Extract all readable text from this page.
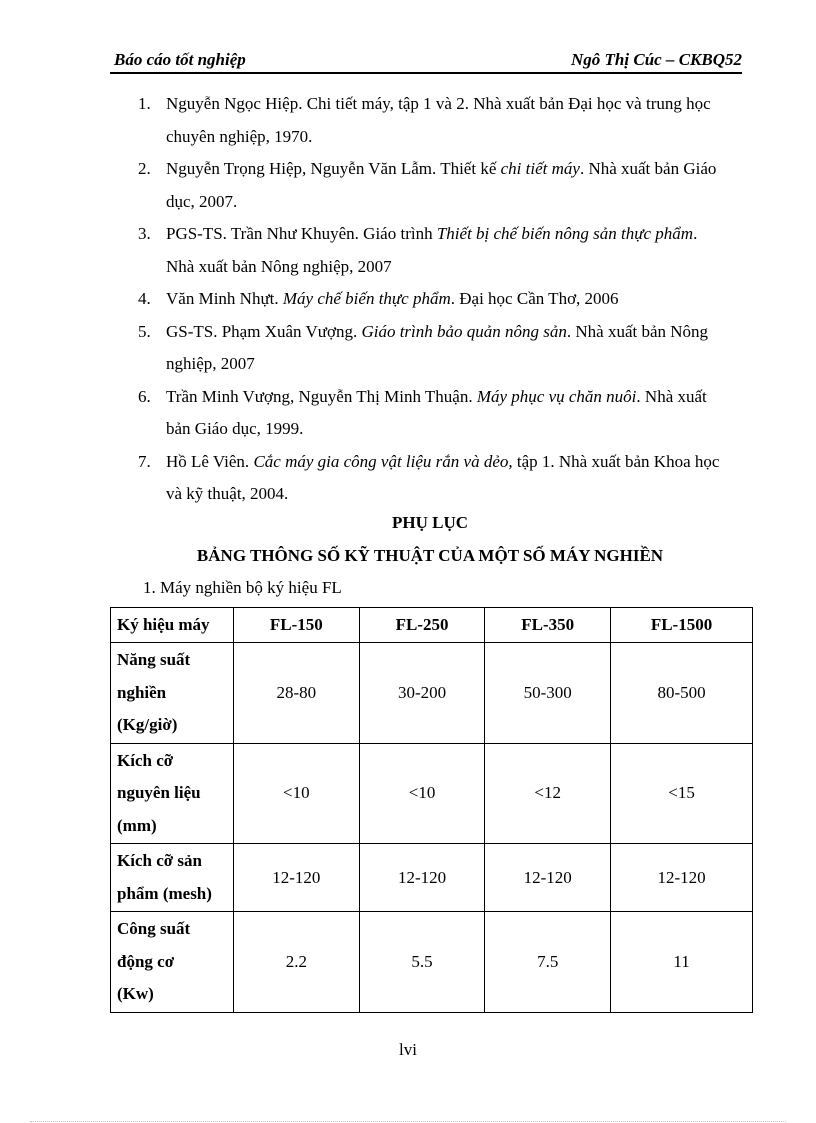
Báo cáo tốt nghiệp	Ngô Thị Cúc – CKBQ52
1. Nguyễn Ngọc Hiệp. Chi tiết máy, tập 1 và 2. Nhà xuất bản Đại học và trung học chuyên nghiệp, 1970.
2. Nguyễn Trọng Hiệp, Nguyễn Văn Lẫm. Thiết kế chi tiết máy. Nhà xuất bản Giáo dục, 2007.
3. PGS-TS. Trần Như Khuyên. Giáo trình Thiết bị chế biến nông sản thực phẩm. Nhà xuất bản Nông nghiệp, 2007
4. Văn Minh Nhựt. Máy chế biến thực phẩm. Đại học Cần Thơ, 2006
5. GS-TS. Phạm Xuân Vượng. Giáo trình bảo quản nông sản. Nhà xuất bản Nông nghiệp, 2007
6. Trần Minh Vượng, Nguyễn Thị Minh Thuận. Máy phục vụ chăn nuôi. Nhà xuất bản Giáo dục, 1999.
7. Hồ Lê Viên. Cắc máy gia công vật liệu rắn và dẻo, tập 1. Nhà xuất bản Khoa học và kỹ thuật, 2004.
PHỤ LỤC
BẢNG THÔNG SỐ KỸ THUẬT CỦA MỘT SỐ MÁY NGHIỀN
1. Máy nghiền bộ ký hiệu FL
Ký hiệu máy	FL-150	FL-250	FL-350	FL-1500

Năng suất
nghiền
(Kg/giờ)	28-80	30-200	50-300	80-500

Kích cỡ
nguyên liệu
(mm)	<10	<10	<12	<15

Kích cỡ sản
phẩm (mesh)	12-120	12-120	12-120	12-120

Công suất
động cơ
(Kw)	2.2	5.5	7.5	11
lvi
